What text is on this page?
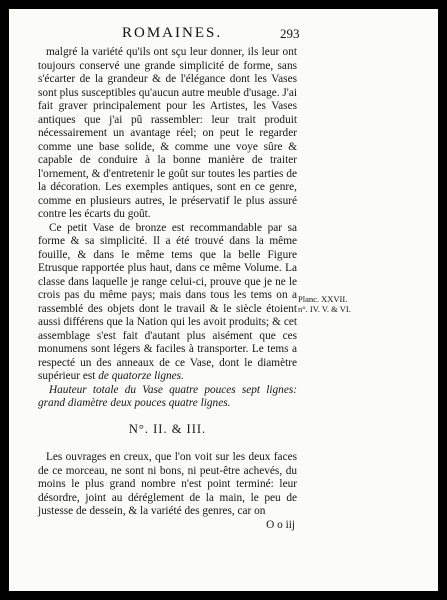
ROMAINES.	293

malgré la variété qu'ils ont sçu leur donner, ils leur ont toujours conservé une grande simplicité de forme, sans s'écarter de la grandeur & de l'élégance dont les Vases sont plus susceptibles qu'aucun autre meuble d'usage. J'ai fait graver principalement pour les Artistes, les Vases antiques que j'ai pû rassembler: leur trait produit nécessairement un avantage réel; on peut le regarder comme une base solide, & comme une voye sûre & capable de conduire à la bonne manière de traiter l'ornement, & d'entretenir le goût sur toutes les parties de la décoration. Les exemples antiques, sont en ce genre, comme en plusieurs autres, le préservatif le plus assuré contre les écarts du goût.

Ce petit Vase de bronze est recommandable par sa forme & sa simplicité. Il a été trouvé dans la même fouille, & dans le même tems que la belle Figure Etrusque rapportée plus haut, dans ce même Volume. La classe dans laquelle je range celui-ci, prouve que je ne le crois pas du même pays; mais dans tous les tems on a rassemblé des objets dont le travail & le siècle étoient aussi différens que la Nation qui les avoit produits; & cet assemblage s'est fait d'autant plus aisément que ces monumens sont légers & faciles à transporter. Le tems a respecté un des anneaux de ce Vase, dont le diamètre supérieur est de quatorze lignes.

Hauteur totale du Vase quatre pouces sept lignes: grand diamètre deux pouces quatre lignes.

N°. II. & III.

Les ouvrages en creux, que l'on voit sur les deux faces de ce morceau, ne sont ni bons, ni peut-être achevés, du moins le plus grand nombre n'est point terminé: leur désordre, joint au déréglement de la main, le peu de justesse de dessein, & la variété des genres, car on

O o iij

Planc. XXVII.
n°. IV. V. & VI.
